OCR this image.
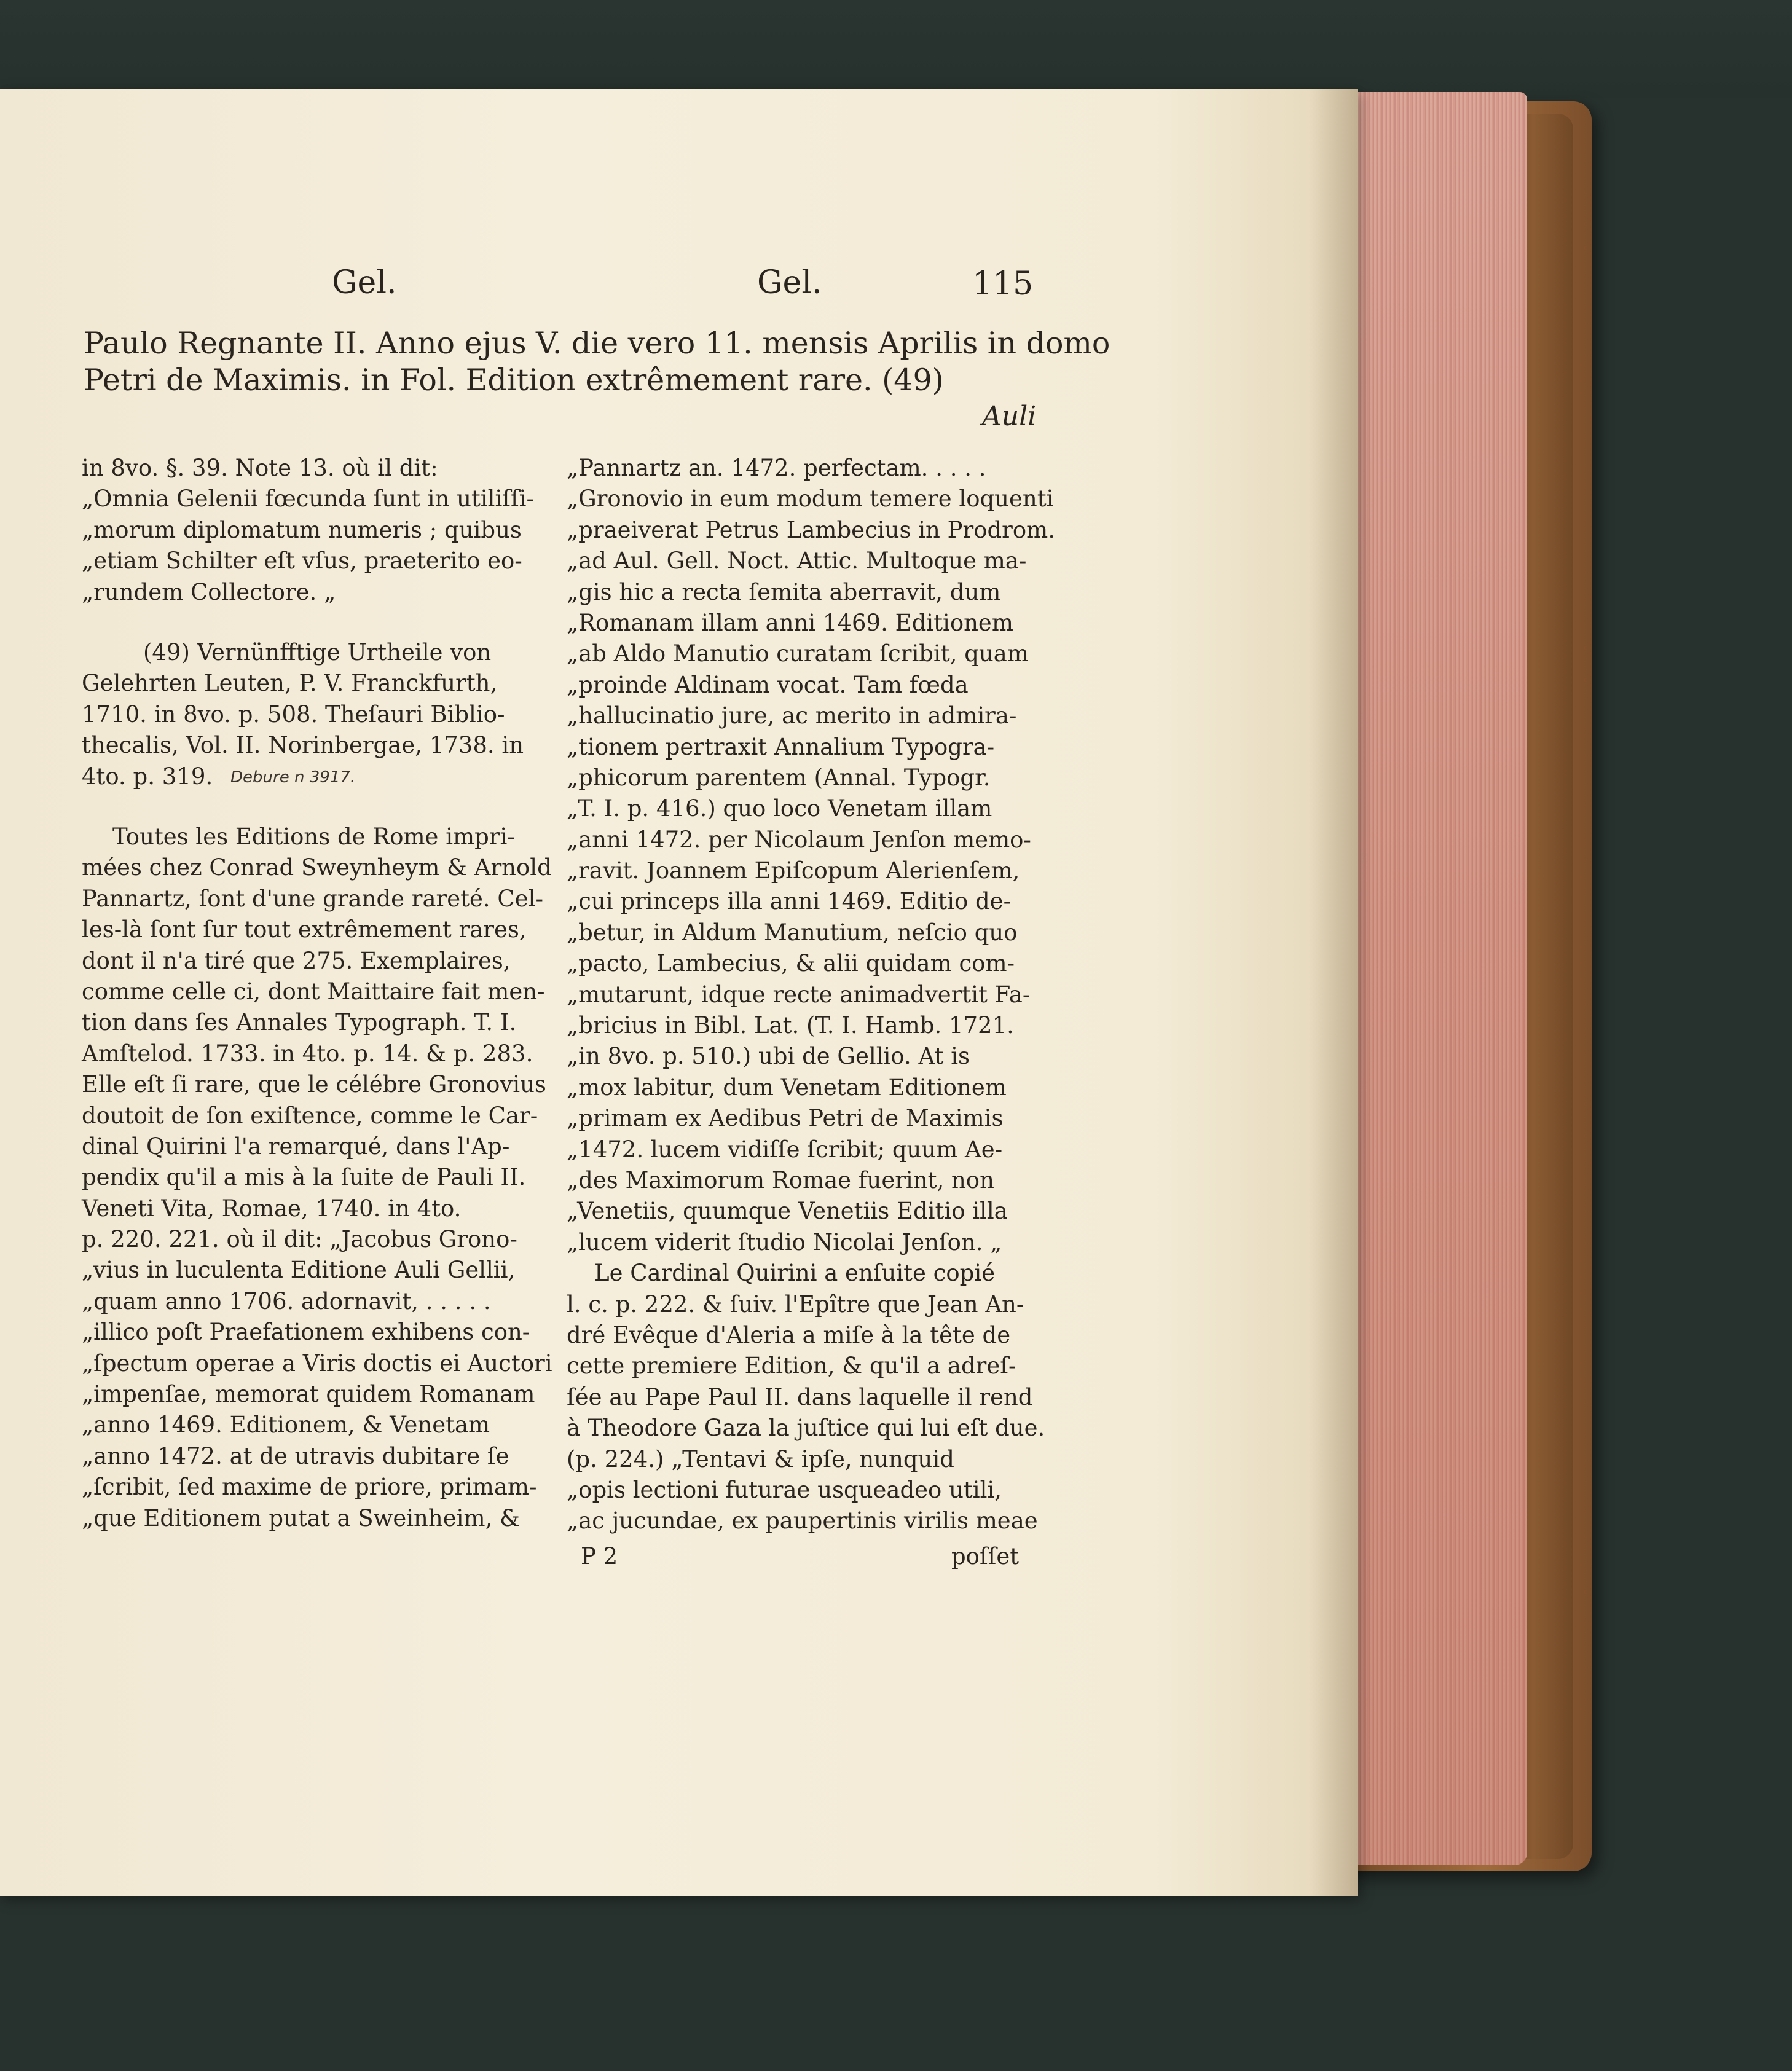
Gel.	Gel.	115
Paulo Regnante II. Anno ejus V. die vero 11. mensis Aprilis in domo
Petri de Maximis. in Fol. Edition extrêmement rare. (49)
Auli
in 8vo. §. 39. Note 13. où il dit:
„Omnia Gelenii fœcunda ſunt in utiliſſi-
„morum diplomatum numeris ; quibus
„etiam Schilter eſt vſus, praeterito eo-
„rundem Collectore. „
(49) Vernünfftige Urtheile von
Gelehrten Leuten, P. V. Franckfurth,
1710. in 8vo. p. 508. Theſauri Biblio-
thecalis, Vol. II. Norinbergae, 1738. in
4to. p. 319.	Debure n 3917.
Toutes les Editions de Rome impri-
mées chez Conrad Sweynheym & Arnold
Pannartz, ſont d'une grande rareté. Cel-
les-là ſont ſur tout extrêmement rares,
dont il n'a tiré que 275. Exemplaires,
comme celle ci, dont Maittaire fait men-
tion dans ſes Annales Typograph. T. I.
Amſtelod. 1733. in 4to. p. 14. & p. 283.
Elle eſt ſi rare, que le célébre Gronovius
doutoit de ſon exiſtence, comme le Car-
dinal Quirini l'a remarqué, dans l'Ap-
pendix qu'il a mis à la ſuite de Pauli II.
Veneti Vita, Romae, 1740. in 4to.
p. 220. 221. où il dit: „Jacobus Grono-
„vius in luculenta Editione Auli Gellii,
„quam anno 1706. adornavit, . . . . .
„illico poſt Praefationem exhibens con-
„ſpectum operae a Viris doctis ei Auctori
„impenſae, memorat quidem Romanam
„anno 1469. Editionem, & Venetam
„anno 1472. at de utravis dubitare ſe
„ſcribit, ſed maxime de priore, primam-
„que Editionem putat a Sweinheim, &
P 2
„Pannartz an. 1472. perfectam. . . . .
„Gronovio in eum modum temere loquenti
„praeiverat Petrus Lambecius in Prodrom.
„ad Aul. Gell. Noct. Attic. Multoque ma-
„gis hic a recta ſemita aberravit, dum
„Romanam illam anni 1469. Editionem
„ab Aldo Manutio curatam ſcribit, quam
„proinde Aldinam vocat. Tam fœda
„hallucinatio jure, ac merito in admira-
„tionem pertraxit Annalium Typogra-
„phicorum parentem (Annal. Typogr.
„T. I. p. 416.) quo loco Venetam illam
„anni 1472. per Nicolaum Jenſon memo-
„ravit. Joannem Epiſcopum Alerienſem,
„cui princeps illa anni 1469. Editio de-
„betur, in Aldum Manutium, neſcio quo
„pacto, Lambecius, & alii quidam com-
„mutarunt, idque recte animadvertit Fa-
„bricius in Bibl. Lat. (T. I. Hamb. 1721.
„in 8vo. p. 510.) ubi de Gellio. At is
„mox labitur, dum Venetam Editionem
„primam ex Aedibus Petri de Maximis
„1472. lucem vidiſſe ſcribit; quum Ae-
„des Maximorum Romae fuerint, non
„Venetiis, quumque Venetiis Editio illa
„lucem viderit ſtudio Nicolai Jenſon. „
Le Cardinal Quirini a enſuite copié
l. c. p. 222. & ſuiv. l'Epître que Jean An-
dré Evêque d'Aleria a miſe à la tête de
cette premiere Edition, & qu'il a adreſ-
ſée au Pape Paul II. dans laquelle il rend
à Theodore Gaza la juſtice qui lui eſt due.
(p. 224.) „Tentavi & ipſe, nunquid
„opis lectioni futurae usqueadeo utili,
„ac jucundae, ex paupertinis virilis meae
poſſet
